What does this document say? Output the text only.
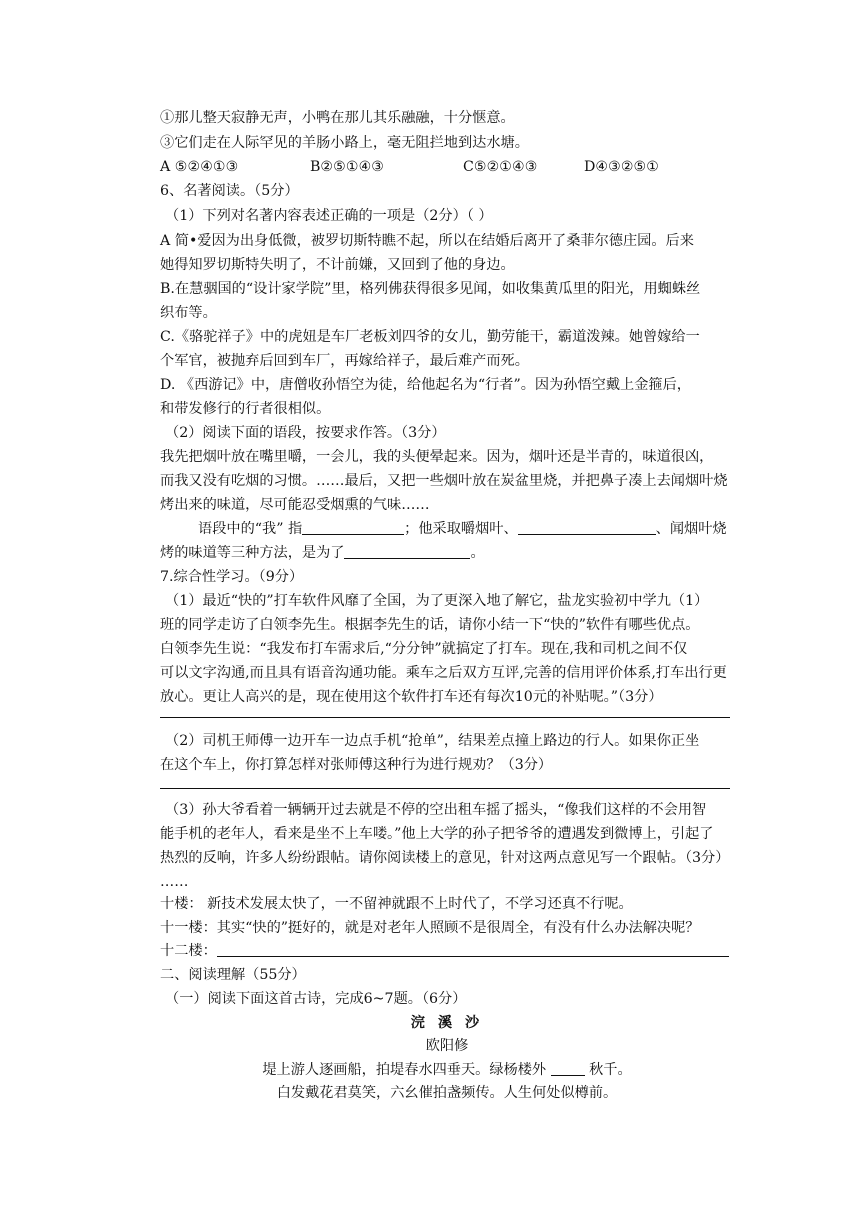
①那儿整天寂静无声，小鸭在那儿其乐融融，十分惬意。
③它们走在人际罕见的羊肠小路上，毫无阻拦地到达水塘。
A ⑤②④①③	B②⑤①④③	C⑤②①④③	D④③②⑤①
6、名著阅读。（5分）
（1）下列对名著内容表述正确的一项是（2分）（ ）
A 简•爱因为出身低微，被罗切斯特瞧不起，所以在结婚后离开了桑菲尔德庄园。后来
她得知罗切斯特失明了，不计前嫌，又回到了他的身边。
B.在慧骃国的“设计家学院”里，格列佛获得很多见闻，如收集黄瓜里的阳光，用蜘蛛丝
织布等。
C.《骆驼祥子》中的虎妞是车厂老板刘四爷的女儿，勤劳能干，霸道泼辣。她曾嫁给一
个军官，被抛弃后回到车厂，再嫁给祥子，最后难产而死。
D. 《西游记》中，唐僧收孙悟空为徒，给他起名为“行者”。因为孙悟空戴上金箍后，
和带发修行的行者很相似。
（2）阅读下面的语段，按要求作答。（3分）
我先把烟叶放在嘴里嚼，一会儿，我的头便晕起来。因为，烟叶还是半青的，味道很凶，
而我又没有吃烟的习惯。……最后，又把一些烟叶放在炭盆里烧，并把鼻子凑上去闻烟叶烧
烤出来的味道，尽可能忍受烟熏的气味……
语段中的“我” 指	；他采取嚼烟叶、	、闻烟叶烧
烤的味道等三种方法，是为了	。
7.综合性学习。（9分）
（1）最近“快的”打车软件风靡了全国，为了更深入地了解它，盐龙实验初中学九（1）
班的同学走访了白领李先生。根据李先生的话，请你小结一下“快的”软件有哪些优点。
白领李先生说：“我发布打车需求后,“分分钟”就搞定了打车。现在,我和司机之间不仅
可以文字沟通,而且具有语音沟通功能。乘车之后双方互评,完善的信用评价体系,打车出行更
放心。更让人高兴的是，现在使用这个软件打车还有每次10元的补贴呢。”（3分）
（2）司机王师傅一边开车一边点手机“抢单”，结果差点撞上路边的行人。如果你正坐
在这个车上，你打算怎样对张师傅这种行为进行规劝？（3分）
（3）孙大爷看着一辆辆开过去就是不停的空出租车摇了摇头，“像我们这样的不会用智
能手机的老年人，看来是坐不上车喽。”他上大学的孙子把爷爷的遭遇发到微博上，引起了
热烈的反响，许多人纷纷跟帖。请你阅读楼上的意见，针对这两点意见写一个跟帖。（3分）
……
十楼： 新技术发展太快了，一不留神就跟不上时代了，不学习还真不行呢。
十一楼：其实“快的”挺好的，就是对老年人照顾不是很周全，有没有什么办法解决呢？
十二楼：
二、阅读理解（55分）
（一）阅读下面这首古诗，完成6~7题。（6分）
浣 溪 沙
欧阳修
堤上游人逐画船，拍堤春水四垂天。绿杨楼外	秋千。
白发戴花君莫笑，六幺催拍盏频传。人生何处似樽前。
